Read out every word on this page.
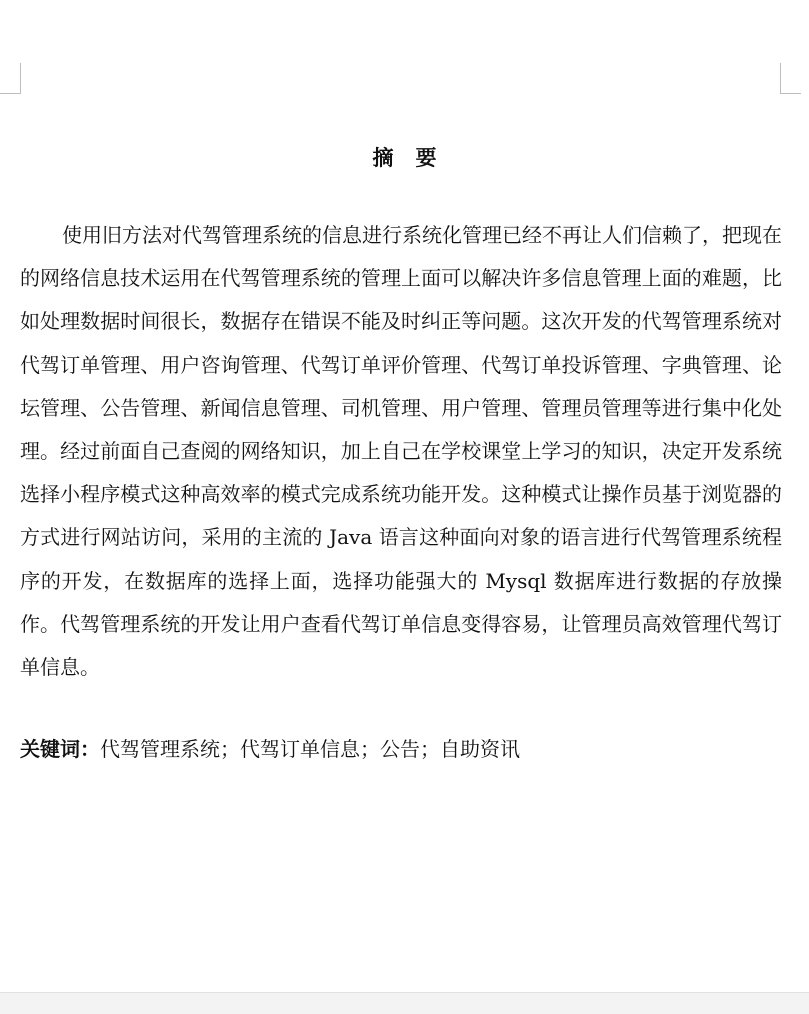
摘 要

使用旧方法对代驾管理系统的信息进行系统化管理已经不再让人们信赖了，把现在的网络信息技术运用在代驾管理系统的管理上面可以解决许多信息管理上面的难题，比如处理数据时间很长，数据存在错误不能及时纠正等问题。这次开发的代驾管理系统对代驾订单管理、用户咨询管理、代驾订单评价管理、代驾订单投诉管理、字典管理、论坛管理、公告管理、新闻信息管理、司机管理、用户管理、管理员管理等进行集中化处理。经过前面自己查阅的网络知识，加上自己在学校课堂上学习的知识，决定开发系统选择小程序模式这种高效率的模式完成系统功能开发。这种模式让操作员基于浏览器的方式进行网站访问，采用的主流的 Java 语言这种面向对象的语言进行代驾管理系统程序的开发，在数据库的选择上面，选择功能强大的 Mysql 数据库进行数据的存放操作。代驾管理系统的开发让用户查看代驾订单信息变得容易，让管理员高效管理代驾订单信息。

关键词：代驾管理系统；代驾订单信息；公告；自助资讯
